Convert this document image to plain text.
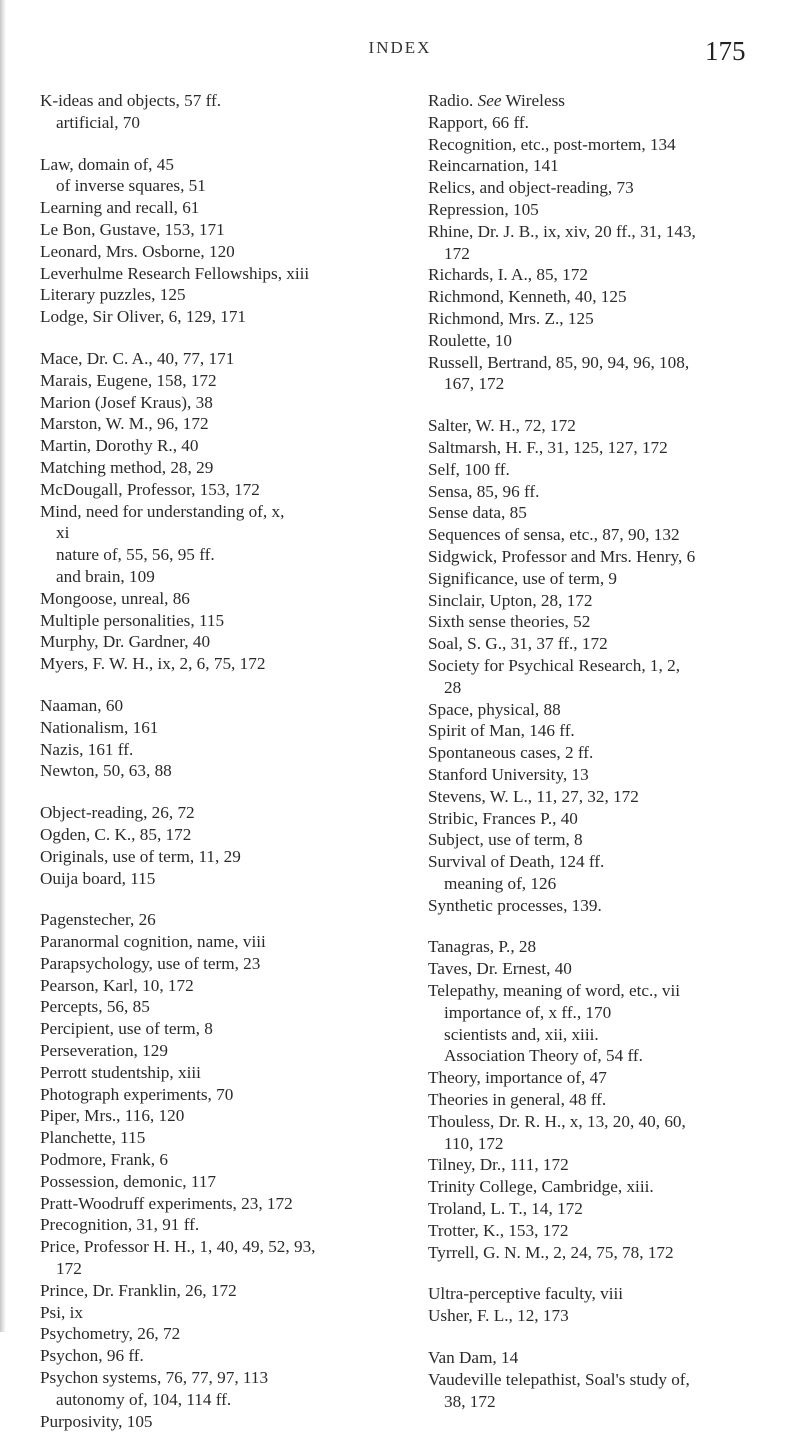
INDEX	175
K-ideas and objects, 57 ff.
artificial, 70
Law, domain of, 45
of inverse squares, 51
Learning and recall, 61
Le Bon, Gustave, 153, 171
Leonard, Mrs. Osborne, 120
Leverhulme Research Fellowships, xiii
Literary puzzles, 125
Lodge, Sir Oliver, 6, 129, 171
Mace, Dr. C. A., 40, 77, 171
Marais, Eugene, 158, 172
Marion (Josef Kraus), 38
Marston, W. M., 96, 172
Martin, Dorothy R., 40
Matching method, 28, 29
McDougall, Professor, 153, 172
Mind, need for understanding of, x,
xi
nature of, 55, 56, 95 ff.
and brain, 109
Mongoose, unreal, 86
Multiple personalities, 115
Murphy, Dr. Gardner, 40
Myers, F. W. H., ix, 2, 6, 75, 172
Naaman, 60
Nationalism, 161
Nazis, 161 ff.
Newton, 50, 63, 88
Object-reading, 26, 72
Ogden, C. K., 85, 172
Originals, use of term, 11, 29
Ouija board, 115
Pagenstecher, 26
Paranormal cognition, name, viii
Parapsychology, use of term, 23
Pearson, Karl, 10, 172
Percepts, 56, 85
Percipient, use of term, 8
Perseveration, 129
Perrott studentship, xiii
Photograph experiments, 70
Piper, Mrs., 116, 120
Planchette, 115
Podmore, Frank, 6
Possession, demonic, 117
Pratt-Woodruff experiments, 23, 172
Precognition, 31, 91 ff.
Price, Professor H. H., 1, 40, 49, 52, 93,
172
Prince, Dr. Franklin, 26, 172
Psi, ix
Psychometry, 26, 72
Psychon, 96 ff.
Psychon systems, 76, 77, 97, 113
autonomy of, 104, 114 ff.
Purposivity, 105
Radio. See Wireless
Rapport, 66 ff.
Recognition, etc., post-mortem, 134
Reincarnation, 141
Relics, and object-reading, 73
Repression, 105
Rhine, Dr. J. B., ix, xiv, 20 ff., 31, 143,
172
Richards, I. A., 85, 172
Richmond, Kenneth, 40, 125
Richmond, Mrs. Z., 125
Roulette, 10
Russell, Bertrand, 85, 90, 94, 96, 108,
167, 172
Salter, W. H., 72, 172
Saltmarsh, H. F., 31, 125, 127, 172
Self, 100 ff.
Sensa, 85, 96 ff.
Sense data, 85
Sequences of sensa, etc., 87, 90, 132
Sidgwick, Professor and Mrs. Henry, 6
Significance, use of term, 9
Sinclair, Upton, 28, 172
Sixth sense theories, 52
Soal, S. G., 31, 37 ff., 172
Society for Psychical Research, 1, 2,
28
Space, physical, 88
Spirit of Man, 146 ff.
Spontaneous cases, 2 ff.
Stanford University, 13
Stevens, W. L., 11, 27, 32, 172
Stribic, Frances P., 40
Subject, use of term, 8
Survival of Death, 124 ff.
meaning of, 126
Synthetic processes, 139.
Tanagras, P., 28
Taves, Dr. Ernest, 40
Telepathy, meaning of word, etc., vii
importance of, x ff., 170
scientists and, xii, xiii.
Association Theory of, 54 ff.
Theory, importance of, 47
Theories in general, 48 ff.
Thouless, Dr. R. H., x, 13, 20, 40, 60,
110, 172
Tilney, Dr., 111, 172
Trinity College, Cambridge, xiii.
Troland, L. T., 14, 172
Trotter, K., 153, 172
Tyrrell, G. N. M., 2, 24, 75, 78, 172
Ultra-perceptive faculty, viii
Usher, F. L., 12, 173
Van Dam, 14
Vaudeville telepathist, Soal's study of,
38, 172
